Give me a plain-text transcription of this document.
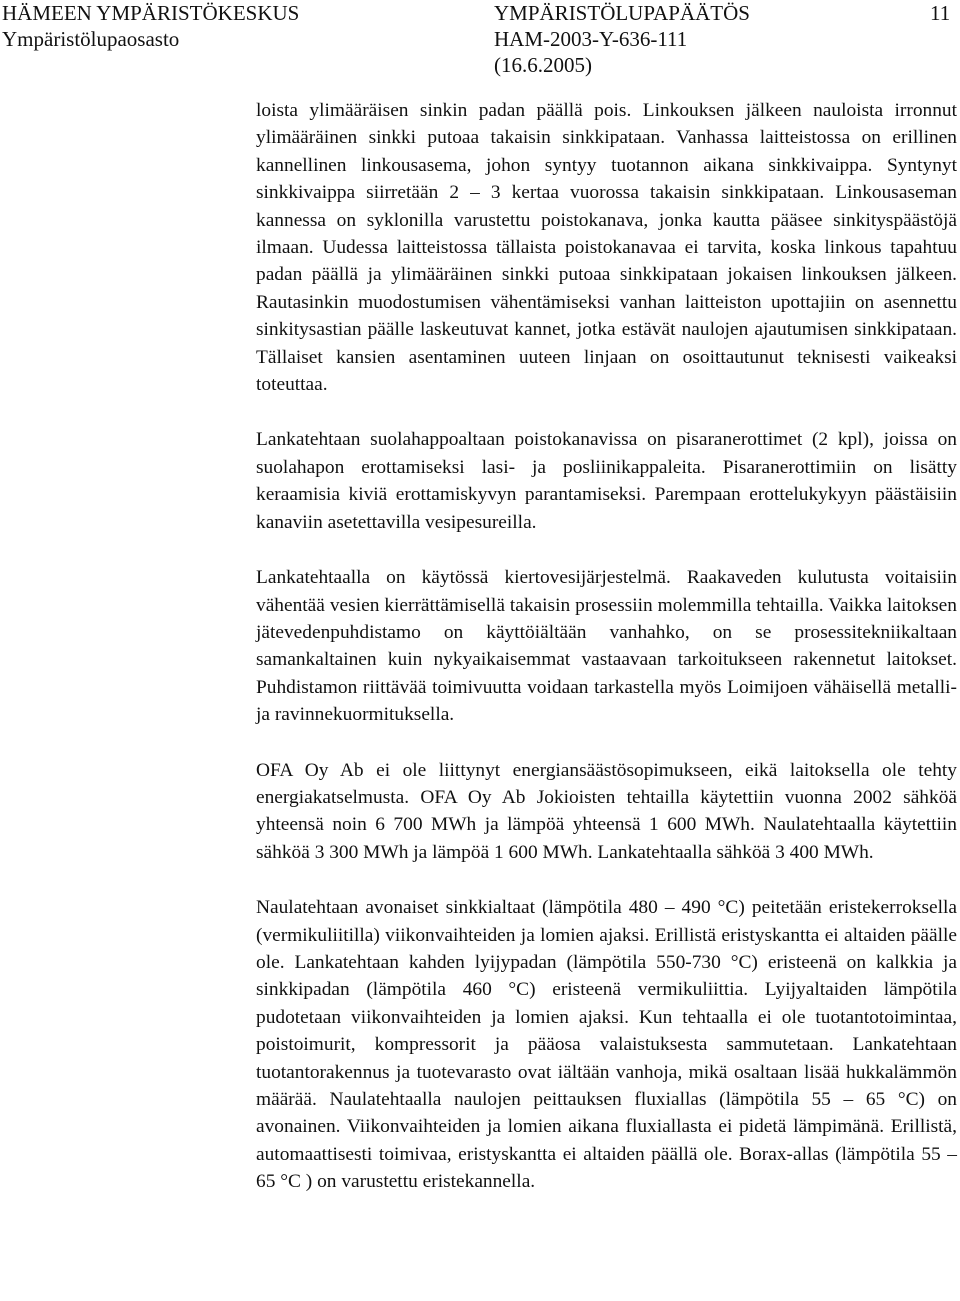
HÄMEEN YMPÄRISTÖKESKUS
Ympäristölupaosasto
YMPÄRISTÖLUPAPÄÄTÖS
HAM-2003-Y-636-111
(16.6.2005)
11

loista ylimääräisen sinkin padan päällä pois. Linkouksen jälkeen nauloista irronnut ylimääräinen sinkki putoaa takaisin sinkkipataan. Vanhassa laitteistossa on erillinen kannellinen linkousasema, johon syntyy tuotannon aikana sinkkivaippa. Syntynyt sinkkivaippa siirretään 2 – 3 kertaa vuorossa takaisin sinkkipataan. Linkousaseman kannessa on syklonilla varustettu poistokanava, jonka kautta pääsee sinkityspäästöjä ilmaan. Uudessa laitteistossa tällaista poistokanavaa ei tarvita, koska linkous tapahtuu padan päällä ja ylimääräinen sinkki putoaa sinkkipataan jokaisen linkouksen jälkeen. Rautasinkin muodostumisen vähentämiseksi vanhan laitteiston upottajiin on asennettu sinkitysastian päälle laskeutuvat kannet, jotka estävät naulojen ajautumisen sinkkipataan. Tällaiset kansien asentaminen uuteen linjaan on osoittautunut teknisesti vaikeaksi toteuttaa.

Lankatehtaan suolahappoaltaan poistokanavissa on pisaranerottimet (2 kpl), joissa on suolahapon erottamiseksi lasi- ja posliinikappaleita. Pisaranerottimiin on lisätty keraamisia kiviä erottamiskyvyn parantamiseksi. Parempaan erottelukykyyn päästäisiin kanaviin asetettavilla vesipesureilla.

Lankatehtaalla on käytössä kiertovesijärjestelmä. Raakaveden kulutusta voitaisiin vähentää vesien kierrättämisellä takaisin prosessiin molemmilla tehtailla. Vaikka laitoksen jätevedenpuhdistamo on käyttöiältään vanhahko, on se prosessitekniikaltaan samankaltainen kuin nykyaikaisemmat vastaavaan tarkoitukseen rakennetut laitokset. Puhdistamon riittävää toimivuutta voidaan tarkastella myös Loimijoen vähäisellä metalli- ja ravinnekuormituksella.

OFA Oy Ab ei ole liittynyt energiansäästösopimukseen, eikä laitoksella ole tehty energiakatselmusta. OFA Oy Ab Jokioisten tehtailla käytettiin vuonna 2002 sähköä yhteensä noin 6 700 MWh ja lämpöä yhteensä 1 600 MWh. Naulatehtaalla käytettiin sähköä 3 300 MWh ja lämpöä 1 600 MWh. Lankatehtaalla sähköä 3 400 MWh.

Naulatehtaan avonaiset sinkkialtaat (lämpötila 480 – 490 °C) peitetään eristekerroksella (vermikuliitilla) viikonvaihteiden ja lomien ajaksi. Erillistä eristyskantta ei altaiden päälle ole. Lankatehtaan kahden lyijypadan (lämpötila 550-730 °C) eristeenä on kalkkia ja sinkkipadan (lämpötila 460 °C) eristeenä vermikuliittia. Lyijyaltaiden lämpötila pudotetaan viikonvaihteiden ja lomien ajaksi. Kun tehtaalla ei ole tuotantotoimintaa, poistoimurit, kompressorit ja pääosa valaistuksesta sammutetaan. Lankatehtaan tuotantorakennus ja tuotevarasto ovat iältään vanhoja, mikä osaltaan lisää hukkalämmön määrää. Naulatehtaalla naulojen peittauksen fluxiallas (lämpötila 55 – 65 °C) on avonainen. Viikonvaihteiden ja lomien aikana fluxiallasta ei pidetä lämpimänä. Erillistä, automaattisesti toimivaa, eristyskantta ei altaiden päällä ole. Borax-allas (lämpötila 55 – 65 °C ) on varustettu eristekannella.
